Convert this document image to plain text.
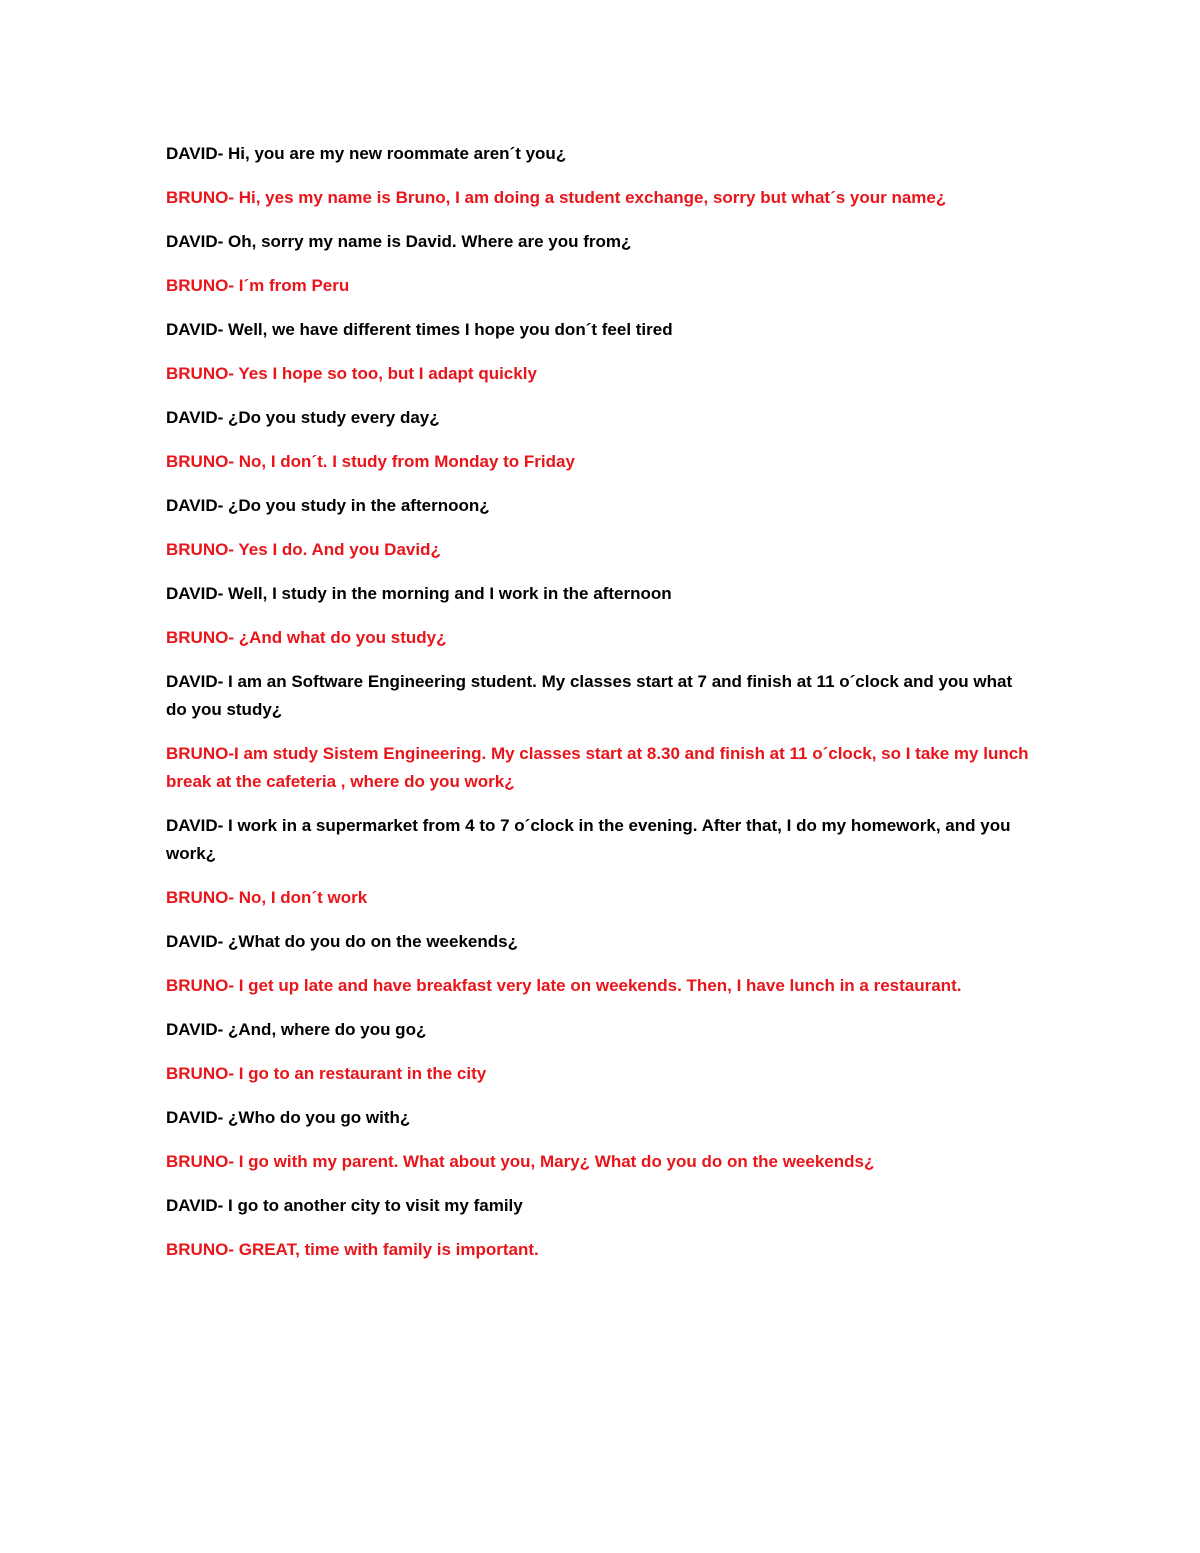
DAVID- Hi, you are my new roommate aren´t you¿

BRUNO- Hi, yes my name is Bruno, I am doing a student exchange, sorry but what´s your name¿

DAVID- Oh, sorry my name is David. Where are you from¿

BRUNO- I´m from Peru

DAVID- Well, we have different times I hope you don´t feel tired

BRUNO- Yes I hope so too, but I adapt quickly

DAVID- ¿Do you study every day¿

BRUNO- No, I don´t. I study from Monday to Friday

DAVID- ¿Do you study in the afternoon¿

BRUNO- Yes I do. And you David¿

DAVID- Well, I study in the morning and I work in the afternoon

BRUNO- ¿And what do you study¿

DAVID- I am an Software Engineering student. My classes start at 7 and finish at 11 o´clock and you what do you study¿

BRUNO-I am study Sistem Engineering. My classes start at 8.30 and finish at 11 o´clock, so I take my lunch break at the cafeteria , where do you work¿

DAVID- I work in a supermarket from 4 to 7 o´clock in the evening. After that, I do my homework, and you work¿

BRUNO- No, I don´t work

DAVID- ¿What do you do on the weekends¿

BRUNO- I get up late and have breakfast very late on weekends. Then, I have lunch in a restaurant.

DAVID- ¿And, where do you go¿

BRUNO- I go to an restaurant in the city

DAVID- ¿Who do you go with¿

BRUNO- I go with my parent. What about you, Mary¿ What do you do on the weekends¿

DAVID- I go to another city to visit my family

BRUNO- GREAT, time with family is important.
